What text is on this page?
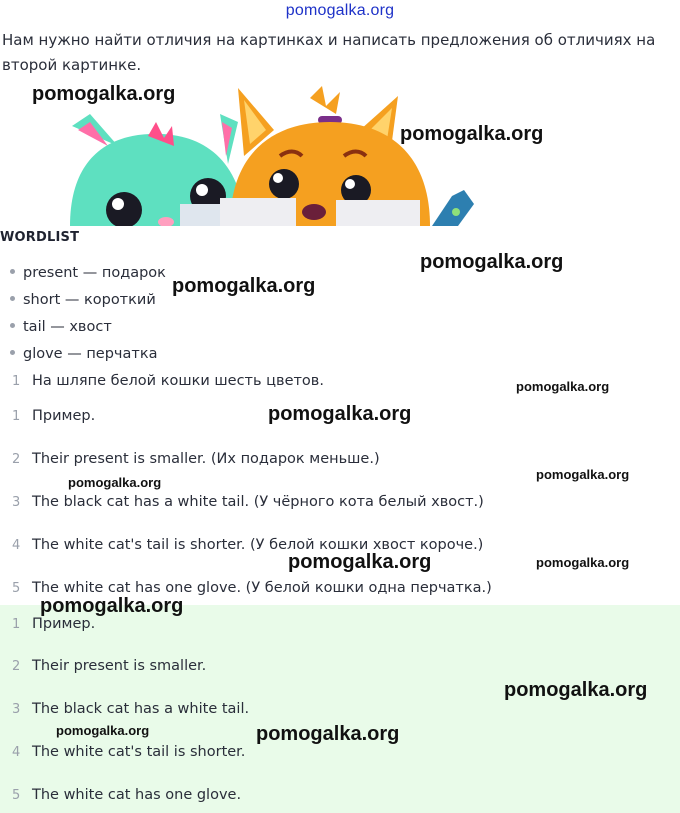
pomogalka.org
Нам нужно найти отличия на картинках и написать предложения об отличиях на второй картинке.
WORDLIST
present — подарок
short — короткий
tail — хвост
glove — перчатка
1 На шляпе белой кошки шесть цветов.
1 Пример.
2 Their present is smaller. (Их подарок меньше.)
3 The black cat has a white tail. (У чёрного кота белый хвост.)
4 The white cat's tail is shorter. (У белой кошки хвост короче.)
5 The white cat has one glove. (У белой кошки одна перчатка.)
1 Пример.
2 Their present is smaller.
3 The black cat has a white tail.
4 The white cat's tail is shorter.
5 The white cat has one glove.
pomogalka.org
pomogalka.org
pomogalka.org
pomogalka.org
pomogalka.org
pomogalka.org
pomogalka.org
pomogalka.org
pomogalka.org	pomogalka.org
pomogalka.org
pomogalka.org
pomogalka.org	pomogalka.org
